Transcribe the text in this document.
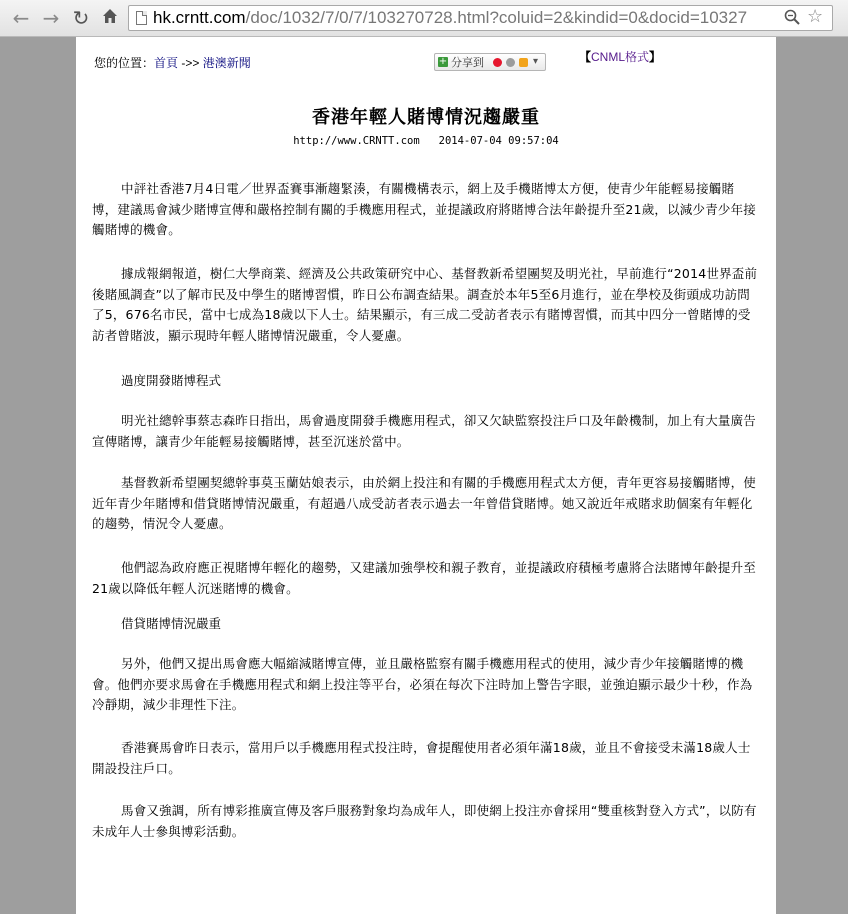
← → ↻	hk.crntt.com/doc/1032/7/0/7/103270728.html?coluid=2&kindid=0&docid=10327	☆
您的位置：首頁 ->> 港澳新聞	+ 分享到	▾	【CNML格式】
香港年輕人賭博情況趨嚴重
http://www.CRNTT.com 2014-07-04 09:57:04
中評社香港7月4日電／世界盃賽事漸趨緊湊，有關機構表示，網上及手機賭博太方便，使青少年能輕易接觸賭博，建議馬會減少賭博宣傳和嚴格控制有關的手機應用程式，並提議政府將賭博合法年齡提升至21歲，以減少青少年接觸賭博的機會。
據成報網報道，樹仁大學商業、經濟及公共政策研究中心、基督教新希望團契及明光社，早前進行“2014世界盃前後賭風調查”以了解市民及中學生的賭博習慣，昨日公布調查結果。調查於本年5至6月進行，並在學校及街頭成功訪問了5，676名市民，當中七成為18歲以下人士。結果顯示，有三成二受訪者表示有賭博習慣，而其中四分一曾賭博的受訪者曾賭波，顯示現時年輕人賭博情況嚴重，令人憂慮。
過度開發賭博程式
明光社總幹事蔡志森昨日指出，馬會過度開發手機應用程式，卻又欠缺監察投注戶口及年齡機制，加上有大量廣告宣傳賭博，讓青少年能輕易接觸賭博，甚至沉迷於當中。
基督教新希望團契總幹事莫玉蘭姑娘表示，由於網上投注和有關的手機應用程式太方便，青年更容易接觸賭博，使近年青少年賭博和借貸賭博情況嚴重，有超過八成受訪者表示過去一年曾借貸賭博。她又說近年戒賭求助個案有年輕化的趨勢，情況令人憂慮。
他們認為政府應正視賭博年輕化的趨勢，又建議加強學校和親子教育，並提議政府積極考慮將合法賭博年齡提升至21歲以降低年輕人沉迷賭博的機會。
借貸賭博情況嚴重
另外，他們又提出馬會應大幅縮減賭博宣傳，並且嚴格監察有關手機應用程式的使用，減少青少年接觸賭博的機會。他們亦要求馬會在手機應用程式和網上投注等平台，必須在每次下注時加上警告字眼，並強迫顯示最少十秒，作為冷靜期，減少非理性下注。
香港賽馬會昨日表示，當用戶以手機應用程式投注時，會提醒使用者必須年滿18歲，並且不會接受未滿18歲人士開設投注戶口。
馬會又強調，所有博彩推廣宣傳及客戶服務對象均為成年人，即使網上投注亦會採用“雙重核對登入方式”，以防有未成年人士參與博彩活動。
